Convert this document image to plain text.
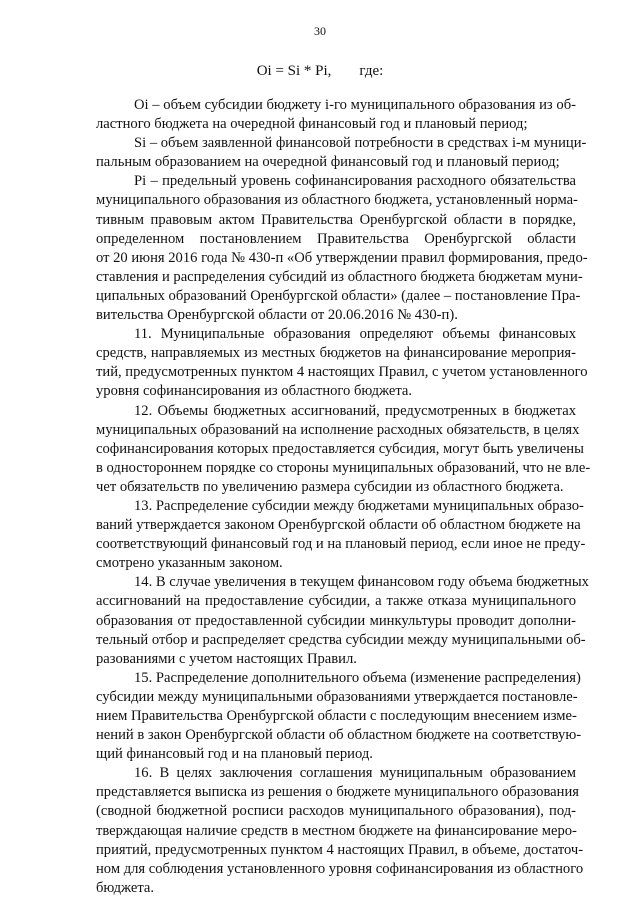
30
Oi = Si * Pi, где:
Oi – объем субсидии бюджету i-го муниципального образования из об-
ластного бюджета на очередной финансовый год и плановый период;
Si – объем заявленной финансовой потребности в средствах i-м муници-
пальным образованием на очередной финансовый год и плановый период;
Pi – предельный уровень софинансирования расходного обязательства
муниципального образования из областного бюджета, установленный норма-
тивным правовым актом Правительства Оренбургской области в порядке,
определенном постановлением Правительства Оренбургской области
от 20 июня 2016 года № 430-п «Об утверждении правил формирования, предо-
ставления и распределения субсидий из областного бюджета бюджетам муни-
ципальных образований Оренбургской области» (далее – постановление Пра-
вительства Оренбургской области от 20.06.2016 № 430-п).
11. Муниципальные образования определяют объемы финансовых
средств, направляемых из местных бюджетов на финансирование мероприя-
тий, предусмотренных пунктом 4 настоящих Правил, с учетом установленного
уровня софинансирования из областного бюджета.
12. Объемы бюджетных ассигнований, предусмотренных в бюджетах
муниципальных образований на исполнение расходных обязательств, в целях
софинансирования которых предоставляется субсидия, могут быть увеличены
в одностороннем порядке со стороны муниципальных образований, что не вле-
чет обязательств по увеличению размера субсидии из областного бюджета.
13. Распределение субсидии между бюджетами муниципальных образо-
ваний утверждается законом Оренбургской области об областном бюджете на
соответствующий финансовый год и на плановый период, если иное не преду-
смотрено указанным законом.
14. В случае увеличения в текущем финансовом году объема бюджетных
ассигнований на предоставление субсидии, а также отказа муниципального
образования от предоставленной субсидии минкультуры проводит дополни-
тельный отбор и распределяет средства субсидии между муниципальными об-
разованиями с учетом настоящих Правил.
15. Распределение дополнительного объема (изменение распределения)
субсидии между муниципальными образованиями утверждается постановле-
нием Правительства Оренбургской области с последующим внесением изме-
нений в закон Оренбургской области об областном бюджете на соответствую-
щий финансовый год и на плановый период.
16. В целях заключения соглашения муниципальным образованием
представляется выписка из решения о бюджете муниципального образования
(сводной бюджетной росписи расходов муниципального образования), под-
тверждающая наличие средств в местном бюджете на финансирование меро-
приятий, предусмотренных пунктом 4 настоящих Правил, в объеме, достаточ-
ном для соблюдения установленного уровня софинансирования из областного
бюджета.
